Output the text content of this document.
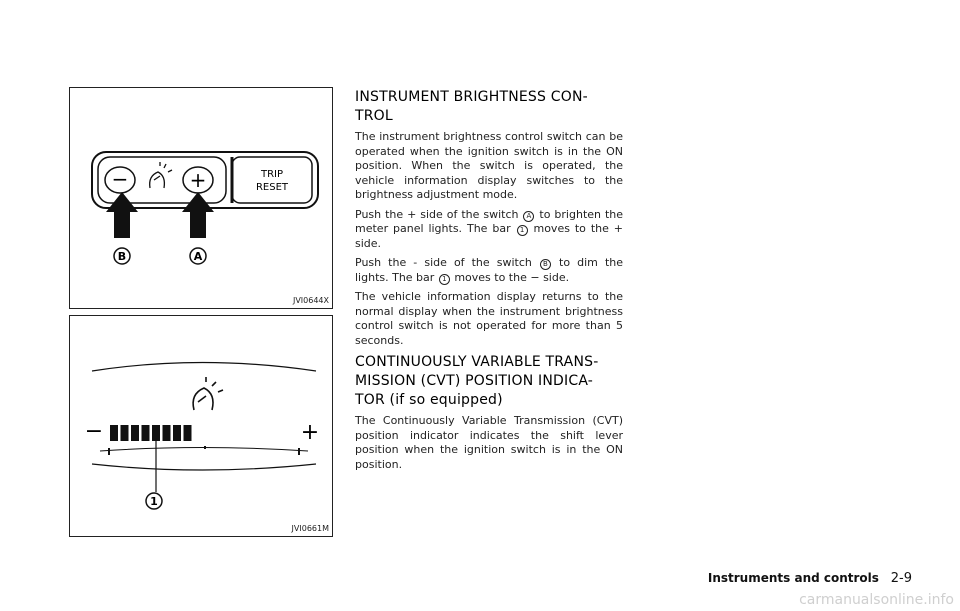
−	+	TRIP
RESET
B	A
JVI0644X
−	+
1
JVI0661M
INSTRUMENT BRIGHTNESS CON-
TROL

The instrument brightness control switch can be operated when the ignition switch is in the ON position. When the switch is operated, the vehicle information display switches to the brightness adjustment mode.

Push the + side of the switch A to brighten the meter panel lights. The bar 1 moves to the + side.

Push the - side of the switch B to dim the lights. The bar 1 moves to the − side.

The vehicle information display returns to the normal display when the instrument brightness control switch is not operated for more than 5 seconds.

CONTINUOUSLY VARIABLE TRANS-
MISSION (CVT) POSITION INDICA-
TOR (if so equipped)

The Continuously Variable Transmission (CVT) position indicator indicates the shift lever position when the ignition switch is in the ON position.

Instruments and controls 2-9
carmanualsonline.info
